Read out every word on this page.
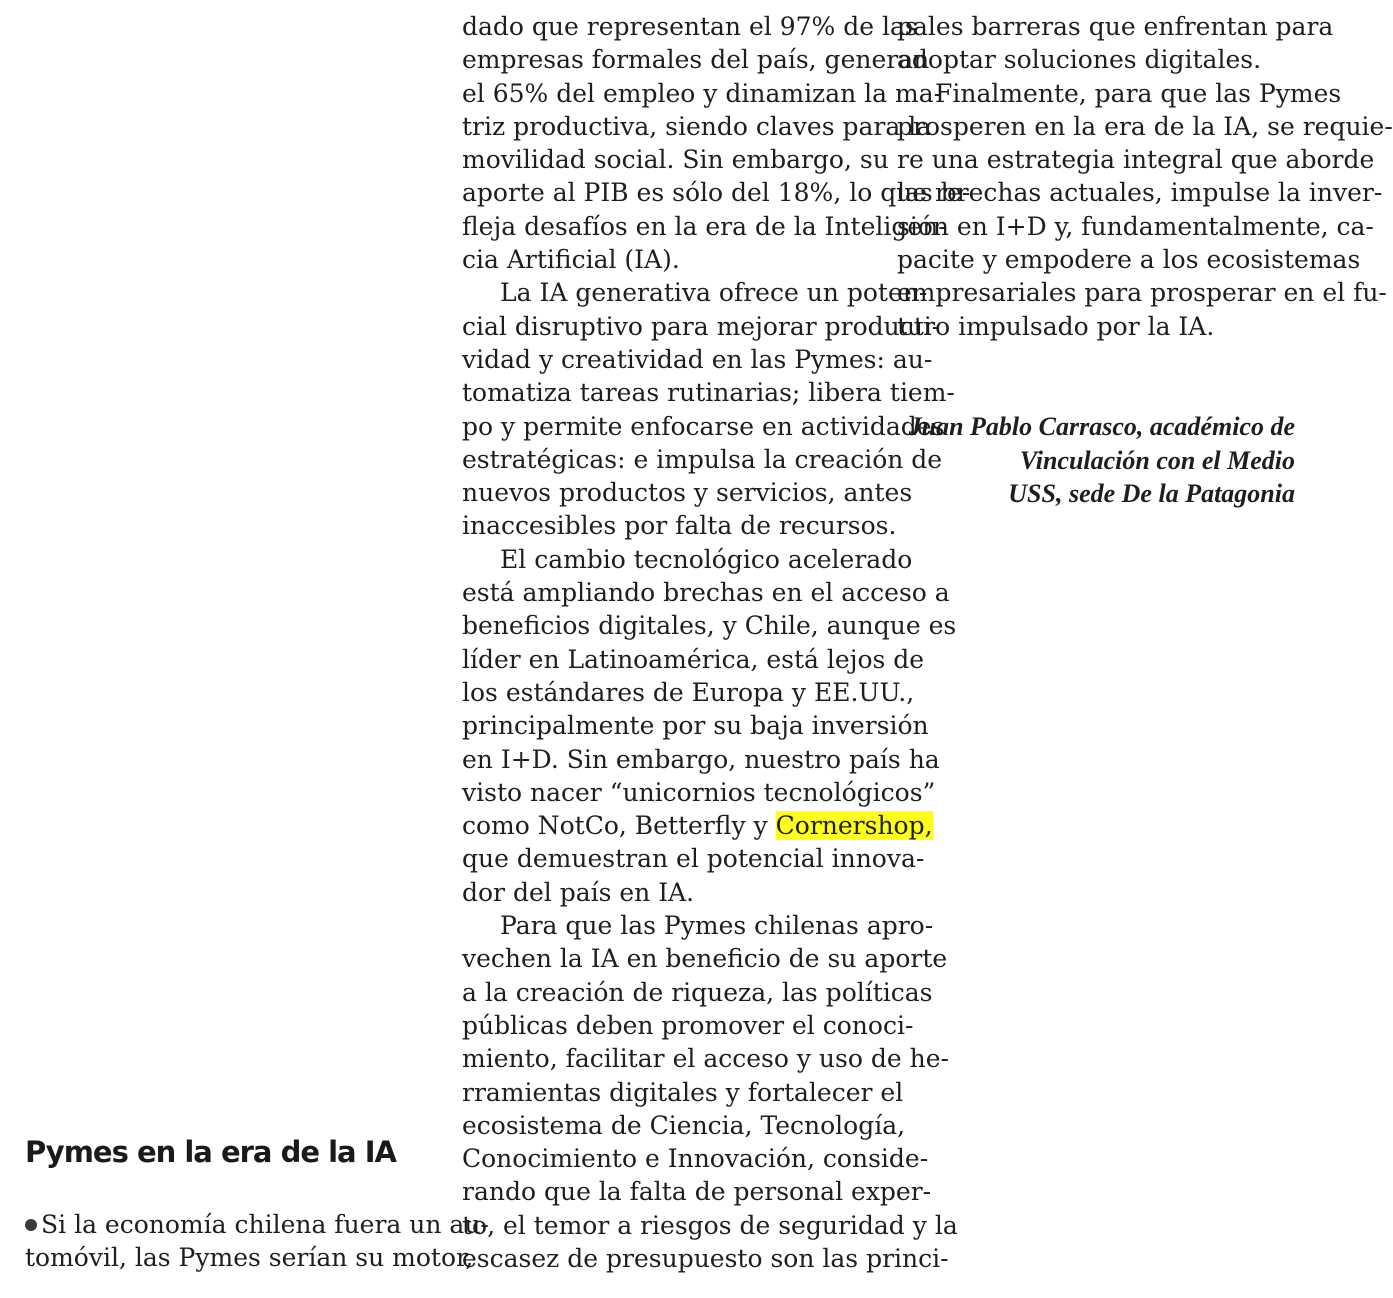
Pymes en la era de la IA
Si la economía chilena fuera un au-
tomóvil, las Pymes serían su motor,
dado que representan el 97% de las
empresas formales del país, generan
el 65% del empleo y dinamizan la ma-
triz productiva, siendo claves para la
movilidad social. Sin embargo, su
aporte al PIB es sólo del 18%, lo que re-
fleja desafíos en la era de la Inteligen-
cia Artificial (IA).
La IA generativa ofrece un poten-
cial disruptivo para mejorar producti-
vidad y creatividad en las Pymes: au-
tomatiza tareas rutinarias; libera tiem-
po y permite enfocarse en actividades
estratégicas: e impulsa la creación de
nuevos productos y servicios, antes
inaccesibles por falta de recursos.
El cambio tecnológico acelerado
está ampliando brechas en el acceso a
beneficios digitales, y Chile, aunque es
líder en Latinoamérica, está lejos de
los estándares de Europa y EE.UU.,
principalmente por su baja inversión
en I+D. Sin embargo, nuestro país ha
visto nacer “unicornios tecnológicos”
como NotCo, Betterfly y Cornershop,
que demuestran el potencial innova-
dor del país en IA.
Para que las Pymes chilenas apro-
vechen la IA en beneficio de su aporte
a la creación de riqueza, las políticas
públicas deben promover el conoci-
miento, facilitar el acceso y uso de he-
rramientas digitales y fortalecer el
ecosistema de Ciencia, Tecnología,
Conocimiento e Innovación, conside-
rando que la falta de personal exper-
to, el temor a riesgos de seguridad y la
escasez de presupuesto son las princi-
pales barreras que enfrentan para
adoptar soluciones digitales.
Finalmente, para que las Pymes
prosperen en la era de la IA, se requie-
re una estrategia integral que aborde
las brechas actuales, impulse la inver-
sión en I+D y, fundamentalmente, ca-
pacite y empodere a los ecosistemas
empresariales para prosperar en el fu-
turo impulsado por la IA.
Juan Pablo Carrasco, académico de
Vinculación con el Medio
USS, sede De la Patagonia
